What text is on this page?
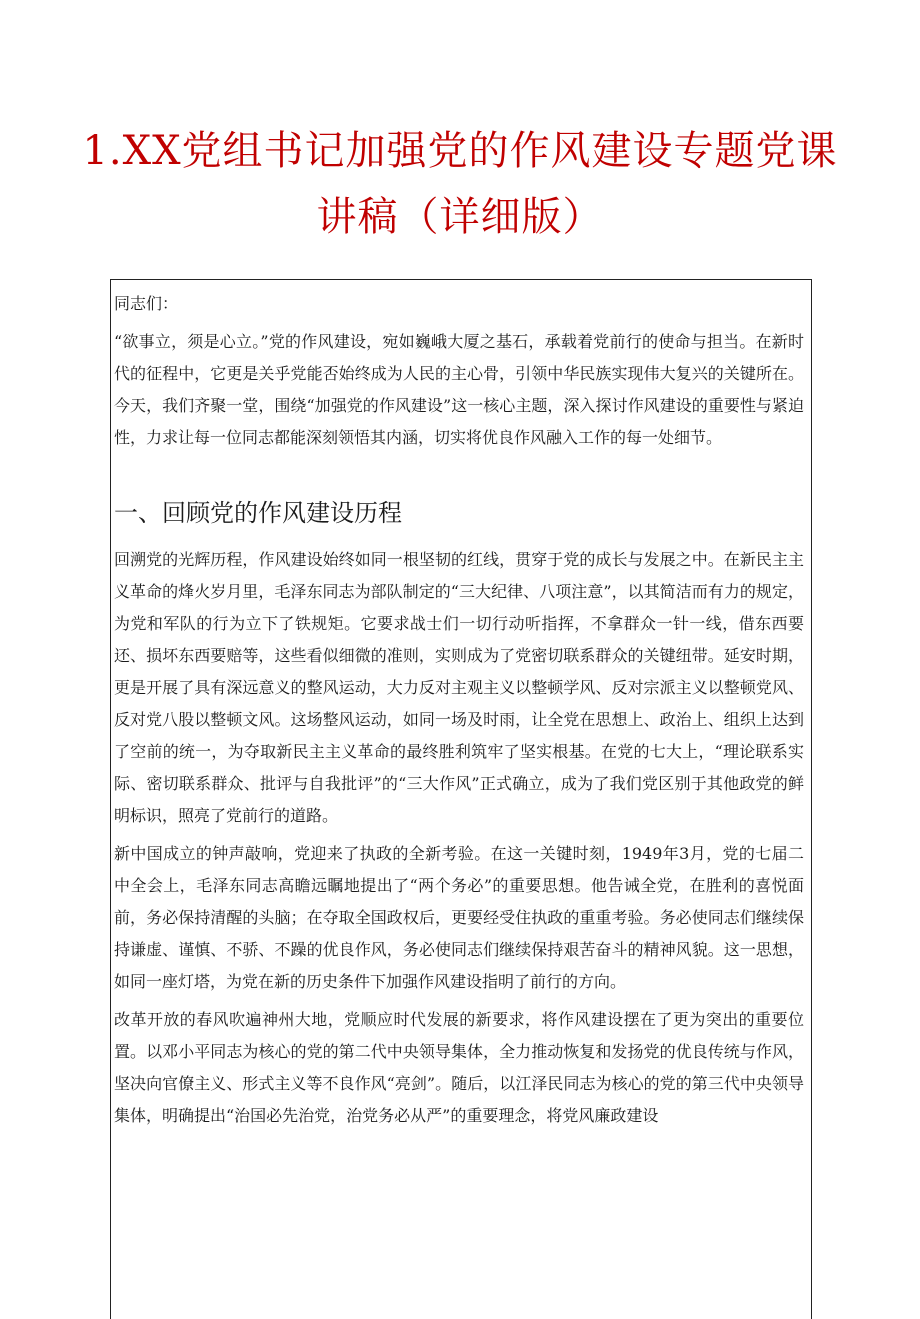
1.XX党组书记加强党的作风建设专题党课
讲稿（详细版）

同志们：

“欲事立，须是心立。”党的作风建设，宛如巍峨大厦之基石，承载着党前行的使命与担当。在新时代的征程中，它更是关乎党能否始终成为人民的主心骨，引领中华民族实现伟大复兴的关键所在。今天，我们齐聚一堂，围绕“加强党的作风建设”这一核心主题，深入探讨作风建设的重要性与紧迫性，力求让每一位同志都能深刻领悟其内涵，切实将优良作风融入工作的每一处细节。

一、回顾党的作风建设历程

回溯党的光辉历程，作风建设始终如同一根坚韧的红线，贯穿于党的成长与发展之中。在新民主主义革命的烽火岁月里，毛泽东同志为部队制定的“三大纪律、八项注意”，以其简洁而有力的规定，为党和军队的行为立下了铁规矩。它要求战士们一切行动听指挥，不拿群众一针一线，借东西要还、损坏东西要赔等，这些看似细微的准则，实则成为了党密切联系群众的关键纽带。延安时期，更是开展了具有深远意义的整风运动，大力反对主观主义以整顿学风、反对宗派主义以整顿党风、反对党八股以整顿文风。这场整风运动，如同一场及时雨，让全党在思想上、政治上、组织上达到了空前的统一，为夺取新民主主义革命的最终胜利筑牢了坚实根基。在党的七大上，“理论联系实际、密切联系群众、批评与自我批评”的“三大作风”正式确立，成为了我们党区别于其他政党的鲜明标识，照亮了党前行的道路。

新中国成立的钟声敲响，党迎来了执政的全新考验。在这一关键时刻，1949年3月，党的七届二中全会上，毛泽东同志高瞻远瞩地提出了“两个务必”的重要思想。他告诫全党，在胜利的喜悦面前，务必保持清醒的头脑；在夺取全国政权后，更要经受住执政的重重考验。务必使同志们继续保持谦虚、谨慎、不骄、不躁的优良作风，务必使同志们继续保持艰苦奋斗的精神风貌。这一思想，如同一座灯塔，为党在新的历史条件下加强作风建设指明了前行的方向。

改革开放的春风吹遍神州大地，党顺应时代发展的新要求，将作风建设摆在了更为突出的重要位置。以邓小平同志为核心的党的第二代中央领导集体，全力推动恢复和发扬党的优良传统与作风，坚决向官僚主义、形式主义等不良作风“亮剑”。随后，以江泽民同志为核心的党的第三代中央领导集体，明确提出“治国必先治党，治党务必从严”的重要理念，将党风廉政建设
